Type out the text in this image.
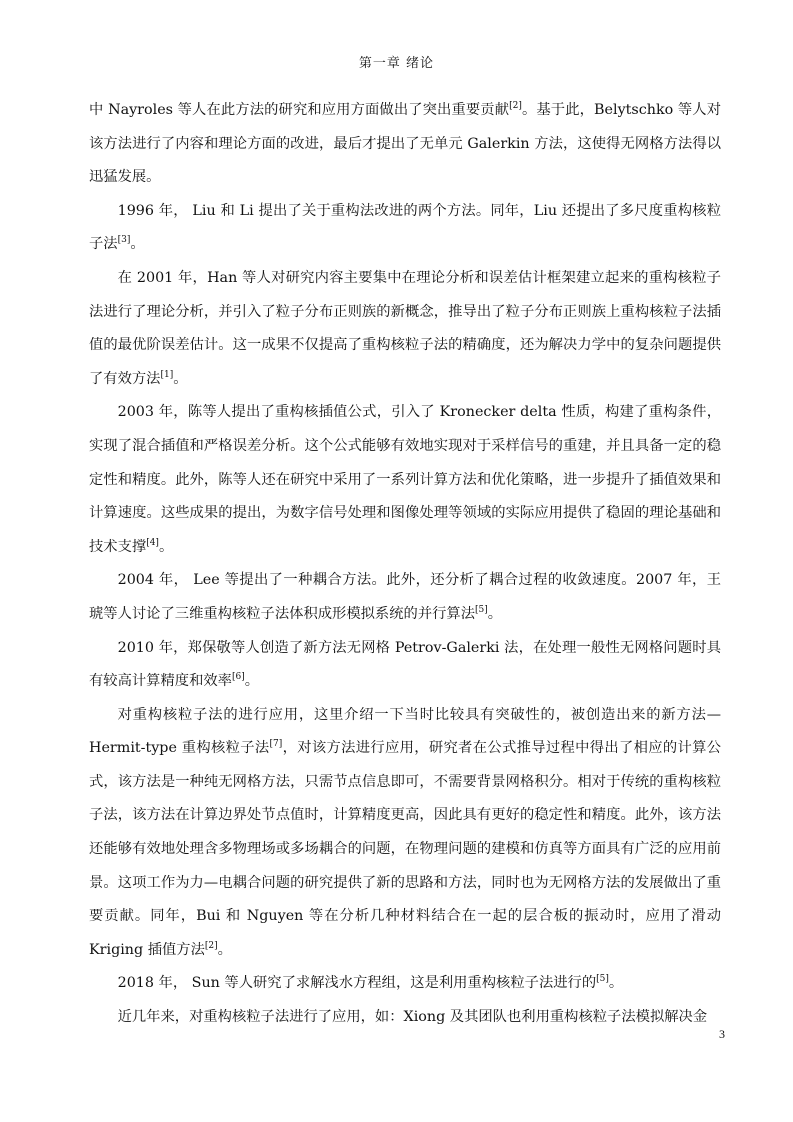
第一章 绪论

中 Nayroles 等人在此方法的研究和应用方面做出了突出重要贡献[2]。基于此，Belytschko 等人对该方法进行了内容和理论方面的改进，最后才提出了无单元 Galerkin 方法，这使得无网格方法得以迅猛发展。

1996 年， Liu 和 Li 提出了关于重构法改进的两个方法。同年，Liu 还提出了多尺度重构核粒子法[3]。

在 2001 年，Han 等人对研究内容主要集中在理论分析和误差估计框架建立起来的重构核粒子法进行了理论分析，并引入了粒子分布正则族的新概念，推导出了粒子分布正则族上重构核粒子法插值的最优阶误差估计。这一成果不仅提高了重构核粒子法的精确度，还为解决力学中的复杂问题提供了有效方法[1]。

2003 年，陈等人提出了重构核插值公式，引入了 Kronecker delta 性质，构建了重构条件，实现了混合插值和严格误差分析。这个公式能够有效地实现对于采样信号的重建，并且具备一定的稳定性和精度。此外，陈等人还在研究中采用了一系列计算方法和优化策略，进一步提升了插值效果和计算速度。这些成果的提出，为数字信号处理和图像处理等领域的实际应用提供了稳固的理论基础和技术支撑[4]。

2004 年， Lee 等提出了一种耦合方法。此外，还分析了耦合过程的收敛速度。2007 年，王琥等人讨论了三维重构核粒子法体积成形模拟系统的并行算法[5]。

2010 年，郑保敬等人创造了新方法无网格 Petrov-Galerki 法，在处理一般性无网格问题时具有较高计算精度和效率[6]。

对重构核粒子法的进行应用，这里介绍一下当时比较具有突破性的，被创造出来的新方法—Hermit-type 重构核粒子法[7]，对该方法进行应用，研究者在公式推导过程中得出了相应的计算公式，该方法是一种纯无网格方法，只需节点信息即可，不需要背景网格积分。相对于传统的重构核粒子法，该方法在计算边界处节点值时，计算精度更高，因此具有更好的稳定性和精度。此外，该方法还能够有效地处理含多物理场或多场耦合的问题，在物理问题的建模和仿真等方面具有广泛的应用前景。这项工作为力—电耦合问题的研究提供了新的思路和方法，同时也为无网格方法的发展做出了重要贡献。同年，Bui 和 Nguyen 等在分析几种材料结合在一起的层合板的振动时，应用了滑动 Kriging 插值方法[2]。

2018 年， Sun 等人研究了求解浅水方程组，这是利用重构核粒子法进行的[5]。

近几年来，对重构核粒子法进行了应用，如：Xiong 及其团队也利用重构核粒子法模拟解决金

3
